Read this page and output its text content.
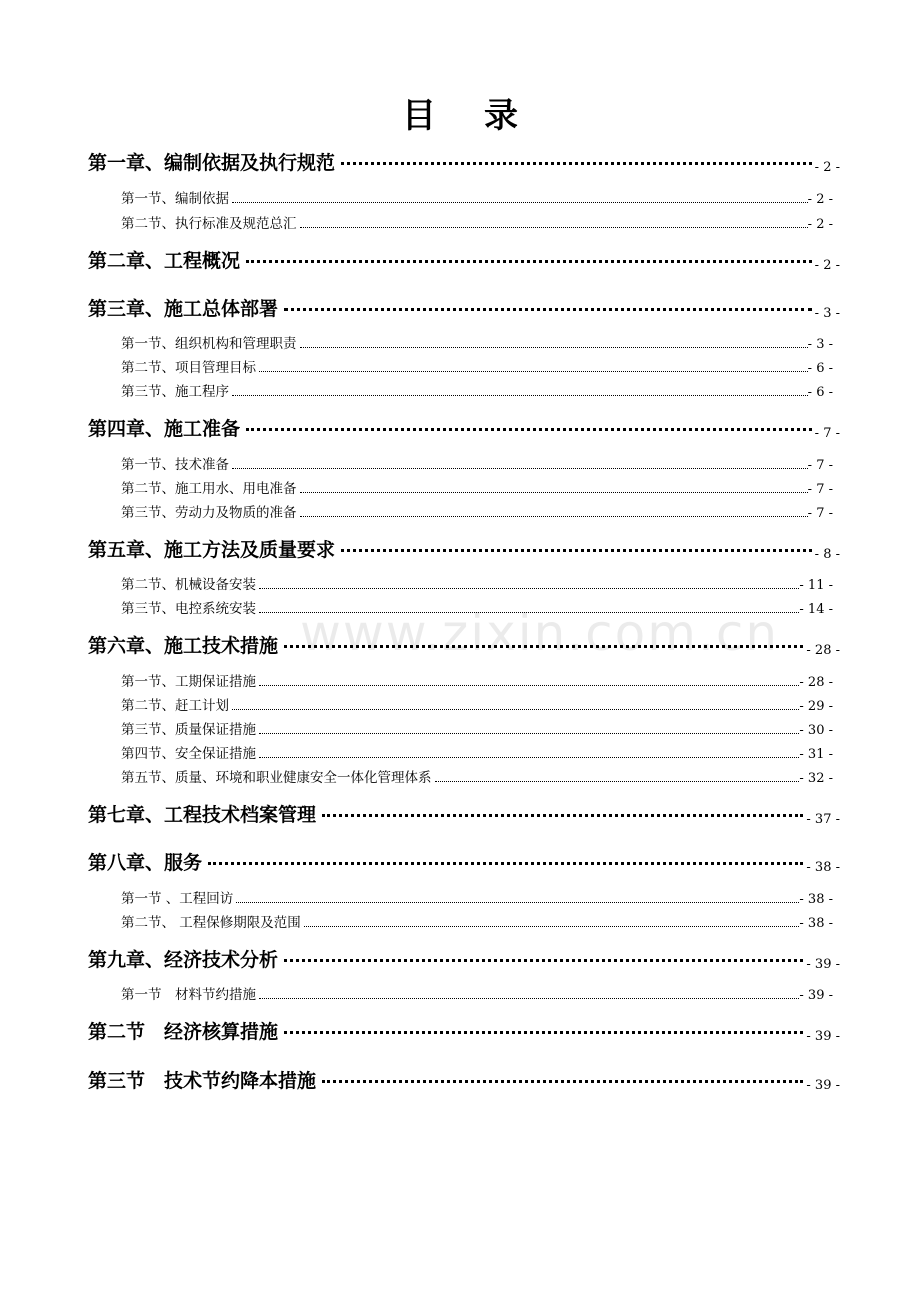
目 录
www.zixin.com.cn
第一章、编制依据及执行规范	- 2 -
第一节、编制依据	- 2 -
第二节、执行标准及规范总汇	- 2 -
第二章、工程概况	- 2 -
第三章、施工总体部署	- 3 -
第一节、组织机构和管理职责	- 3 -
第二节、项目管理目标	- 6 -
第三节、施工程序	- 6 -
第四章、施工准备	- 7 -
第一节、技术准备	- 7 -
第二节、施工用水、用电准备	- 7 -
第三节、劳动力及物质的准备	- 7 -
第五章、施工方法及质量要求	- 8 -
第二节、机械设备安装	- 11 -
第三节、电控系统安装	- 14 -
第六章、施工技术措施	- 28 -
第一节、工期保证措施	- 28 -
第二节、赶工计划	- 29 -
第三节、质量保证措施	- 30 -
第四节、安全保证措施	- 31 -
第五节、质量、环境和职业健康安全一体化管理体系	- 32 -
第七章、工程技术档案管理	- 37 -
第八章、服务	- 38 -
第一节 、工程回访	- 38 -
第二节、 工程保修期限及范围	- 38 -
第九章、经济技术分析	- 39 -
第一节　材料节约措施	- 39 -
第二节　经济核算措施	- 39 -
第三节　技术节约降本措施	- 39 -
